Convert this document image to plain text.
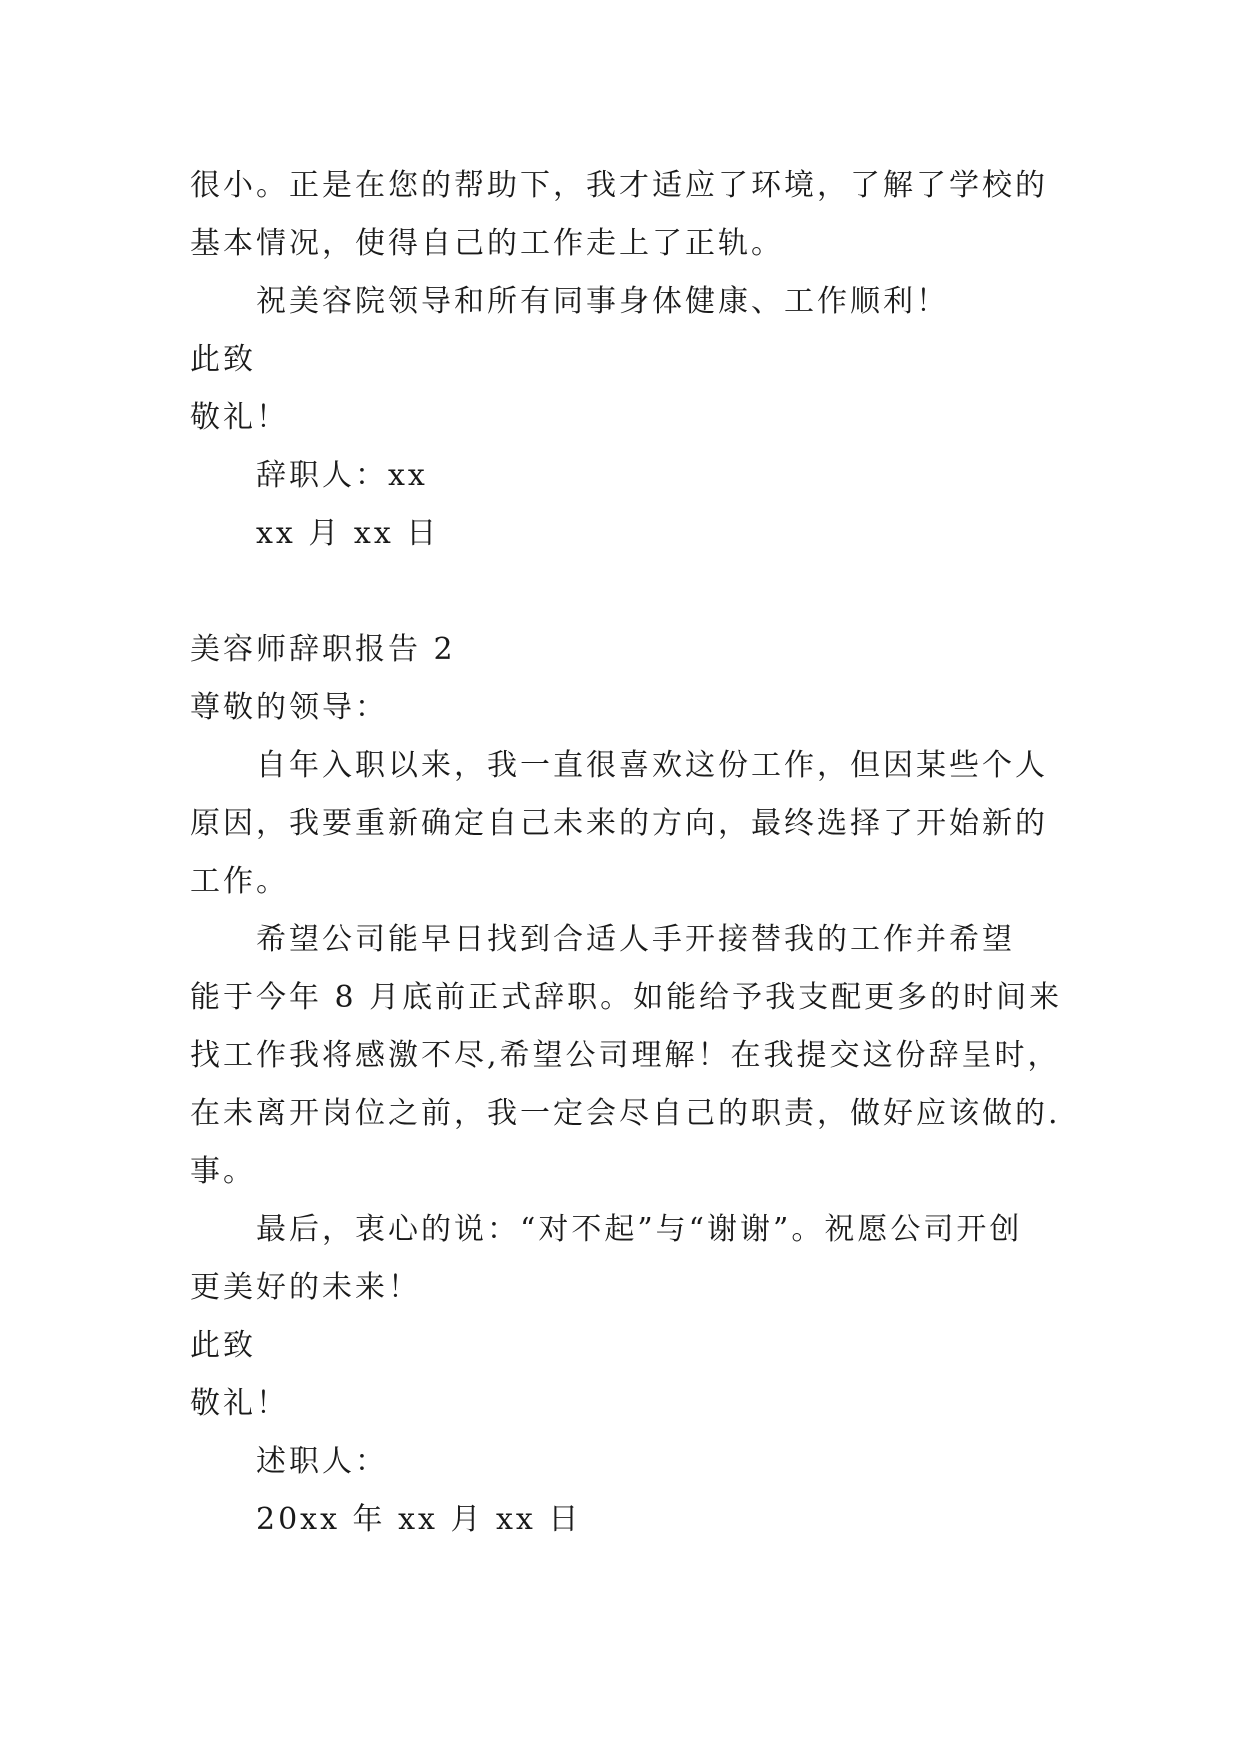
很小。正是在您的帮助下，我才适应了环境，了解了学校的
基本情况，使得自己的工作走上了正轨。
祝美容院领导和所有同事身体健康、工作顺利！
此致
敬礼！
辞职人：xx
xx 月 xx 日
美容师辞职报告 2
尊敬的领导：
自年入职以来，我一直很喜欢这份工作，但因某些个人
原因，我要重新确定自己未来的方向，最终选择了开始新的
工作。
希望公司能早日找到合适人手开接替我的工作并希望
能于今年 8 月底前正式辞职。如能给予我支配更多的时间来
找工作我将感激不尽,希望公司理解！在我提交这份辞呈时，
在未离开岗位之前，我一定会尽自己的职责，做好应该做的.
事。
最后，衷心的说：“对不起”与“谢谢”。祝愿公司开创
更美好的未来！
此致
敬礼！
述职人：
20xx 年 xx 月 xx 日
